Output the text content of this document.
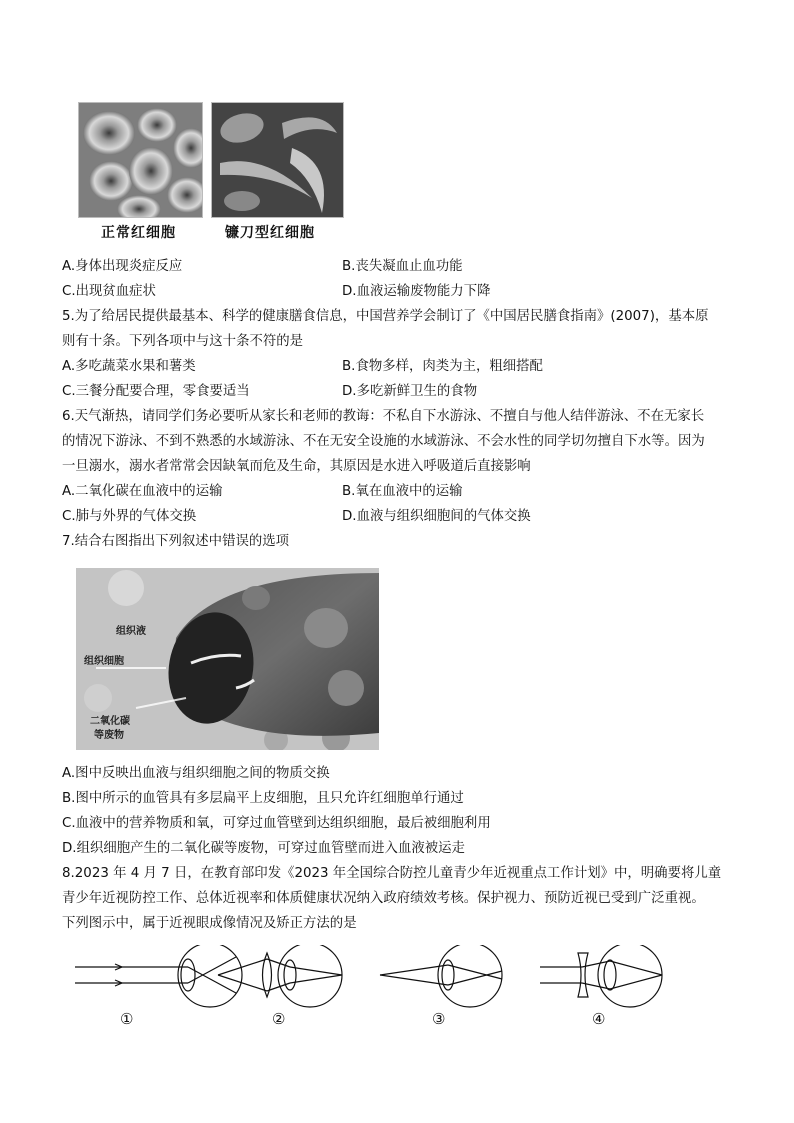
正常红细胞	镰刀型红细胞
A.身体出现炎症反应	B.丧失凝血止血功能
C.出现贫血症状	D.血液运输废物能力下降
5.为了给居民提供最基本、科学的健康膳食信息，中国营养学会制订了《中国居民膳食指南》(2007)，基本原
则有十条。下列各项中与这十条不符的是
A.多吃蔬菜水果和薯类	B.食物多样，肉类为主，粗细搭配
C.三餐分配要合理，零食要适当	D.多吃新鲜卫生的食物
6.天气渐热，请同学们务必要听从家长和老师的教诲：不私自下水游泳、不擅自与他人结伴游泳、不在无家长
的情况下游泳、不到不熟悉的水域游泳、不在无安全设施的水域游泳、不会水性的同学切勿擅自下水等。因为
一旦溺水，溺水者常常会因缺氧而危及生命，其原因是水进入呼吸道后直接影响
A.二氧化碳在血液中的运输	B.氧在血液中的运输
C.肺与外界的气体交换	D.血液与组织细胞间的气体交换
7.结合右图指出下列叙述中错误的选项
组织液
组织细胞
二氧化碳
等废物
A.图中反映出血液与组织细胞之间的物质交换
B.图中所示的血管具有多层扁平上皮细胞，且只允许红细胞单行通过
C.血液中的营养物质和氧，可穿过血管壁到达组织细胞，最后被细胞利用
D.组织细胞产生的二氧化碳等废物，可穿过血管壁而进入血液被运走
8.2023 年 4 月 7 日，在教育部印发《2023 年全国综合防控儿童青少年近视重点工作计划》中，明确要将儿童
青少年近视防控工作、总体近视率和体质健康状况纳入政府绩效考核。保护视力、预防近视已受到广泛重视。
下列图示中，属于近视眼成像情况及矫正方法的是
①	②	③	④
